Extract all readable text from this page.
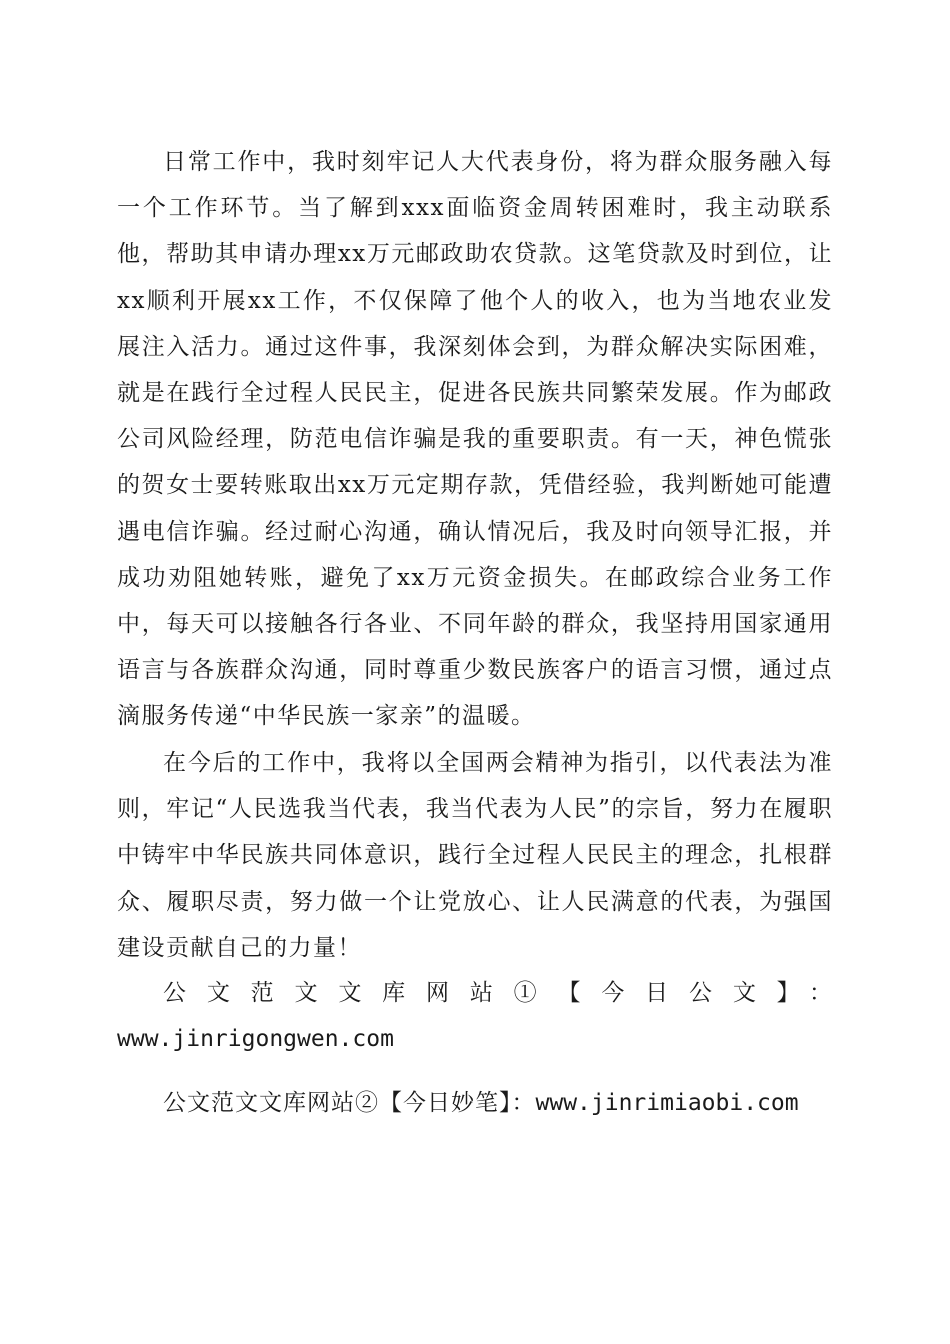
日常工作中，我时刻牢记人大代表身份，将为群众服务融入每一个工作环节。当了解到xxx面临资金周转困难时，我主动联系他，帮助其申请办理xx万元邮政助农贷款。这笔贷款及时到位，让xx顺利开展xx工作，不仅保障了他个人的收入，也为当地农业发展注入活力。通过这件事，我深刻体会到，为群众解决实际困难，就是在践行全过程人民民主，促进各民族共同繁荣发展。作为邮政公司风险经理，防范电信诈骗是我的重要职责。有一天，神色慌张的贺女士要转账取出xx万元定期存款，凭借经验，我判断她可能遭遇电信诈骗。经过耐心沟通，确认情况后，我及时向领导汇报，并成功劝阻她转账，避免了xx万元资金损失。在邮政综合业务工作中，每天可以接触各行各业、不同年龄的群众，我坚持用国家通用语言与各族群众沟通，同时尊重少数民族客户的语言习惯，通过点滴服务传递“中华民族一家亲”的温暖。

在今后的工作中，我将以全国两会精神为指引，以代表法为准则，牢记“人民选我当代表，我当代表为人民”的宗旨，努力在履职中铸牢中华民族共同体意识，践行全过程人民民主的理念，扎根群众、履职尽责，努力做一个让党放心、让人民满意的代表，为强国建设贡献自己的力量！

公文范文文库网站①【今日公文】：

www.jinrigongwen.com

公文范文文库网站②【今日妙笔】：www.jinrimiaobi.com
